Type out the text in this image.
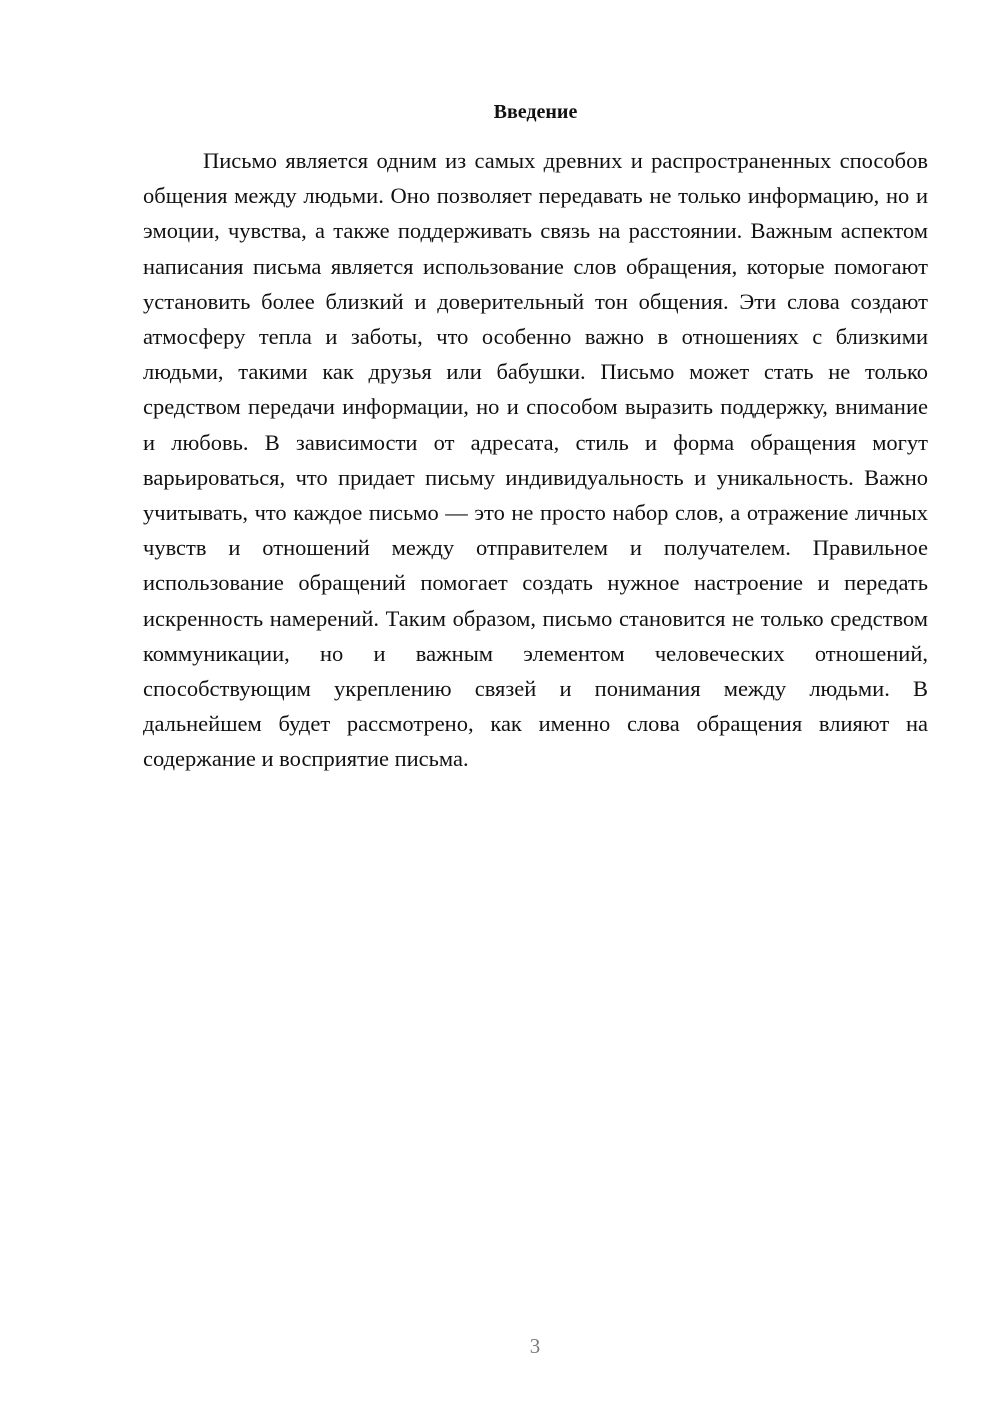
Введение

Письмо является одним из самых древних и распространенных способов общения между людьми. Оно позволяет передавать не только информацию, но и эмоции, чувства, а также поддерживать связь на расстоянии. Важным аспектом написания письма является использование слов обращения, которые помогают установить более близкий и доверительный тон общения. Эти слова создают атмосферу тепла и заботы, что особенно важно в отношениях с близкими людьми, такими как друзья или бабушки. Письмо может стать не только средством передачи информации, но и способом выразить поддержку, внимание и любовь. В зависимости от адресата, стиль и форма обращения могут варьироваться, что придает письму индивидуальность и уникальность. Важно учитывать, что каждое письмо — это не просто набор слов, а отражение личных чувств и отношений между отправителем и получателем. Правильное использование обращений помогает создать нужное настроение и передать искренность намерений. Таким образом, письмо становится не только средством коммуникации, но и важным элементом человеческих отношений, способствующим укреплению связей и понимания между людьми. В дальнейшем будет рассмотрено, как именно слова обращения влияют на содержание и восприятие письма.

3
